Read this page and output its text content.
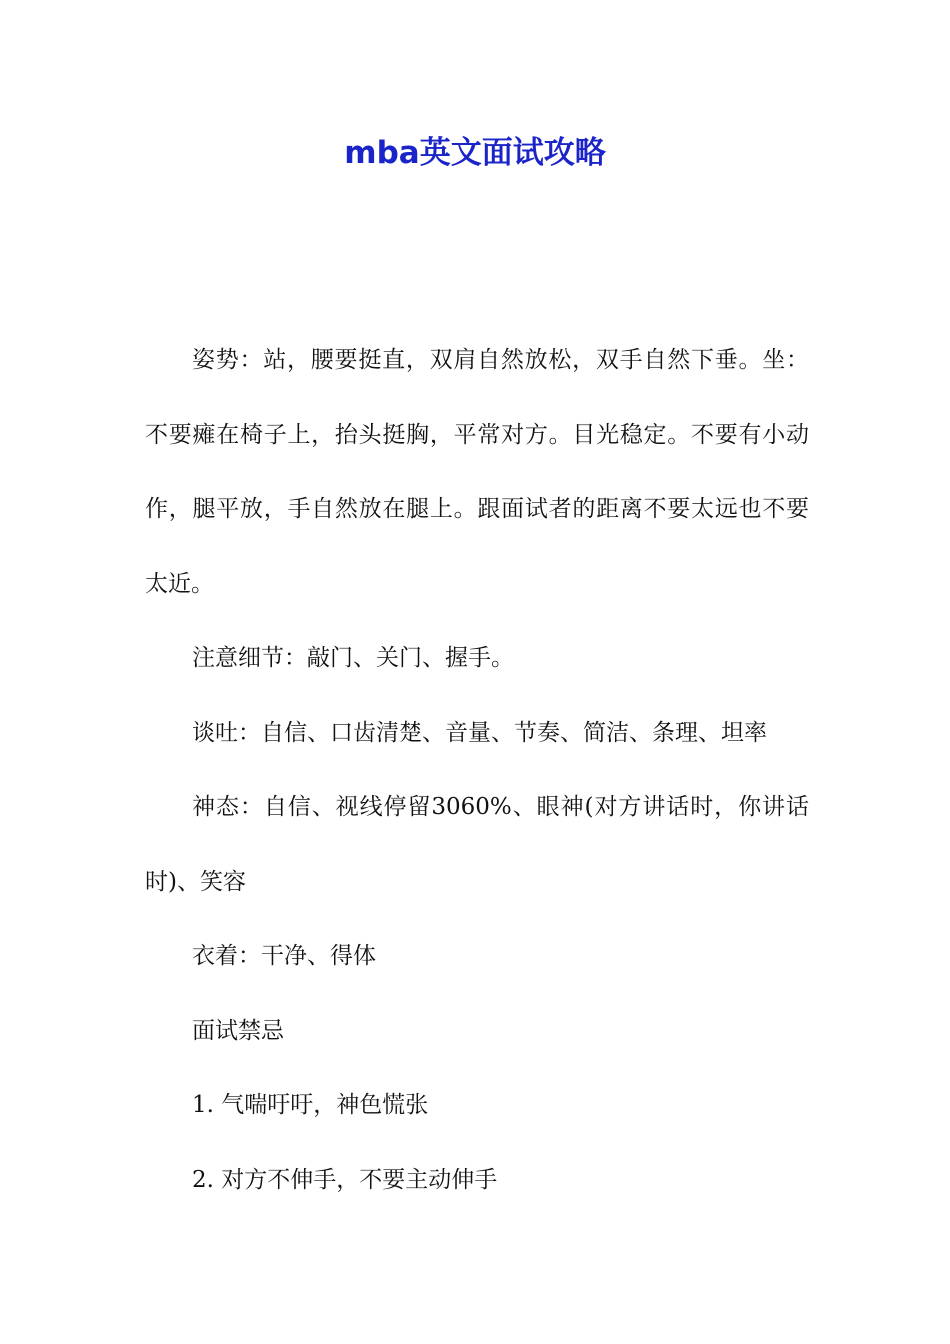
mba英文面试攻略

姿势：站，腰要挺直，双肩自然放松，双手自然下垂。坐：不要瘫在椅子上，抬头挺胸，平常对方。目光稳定。不要有小动作，腿平放，手自然放在腿上。跟面试者的距离不要太远也不要太近。

注意细节：敲门、关门、握手。

谈吐：自信、口齿清楚、音量、节奏、简洁、条理、坦率

神态：自信、视线停留3060%、眼神(对方讲话时，你讲话时)、笑容

衣着：干净、得体

面试禁忌

1. 气喘吁吁，神色慌张

2. 对方不伸手，不要主动伸手
